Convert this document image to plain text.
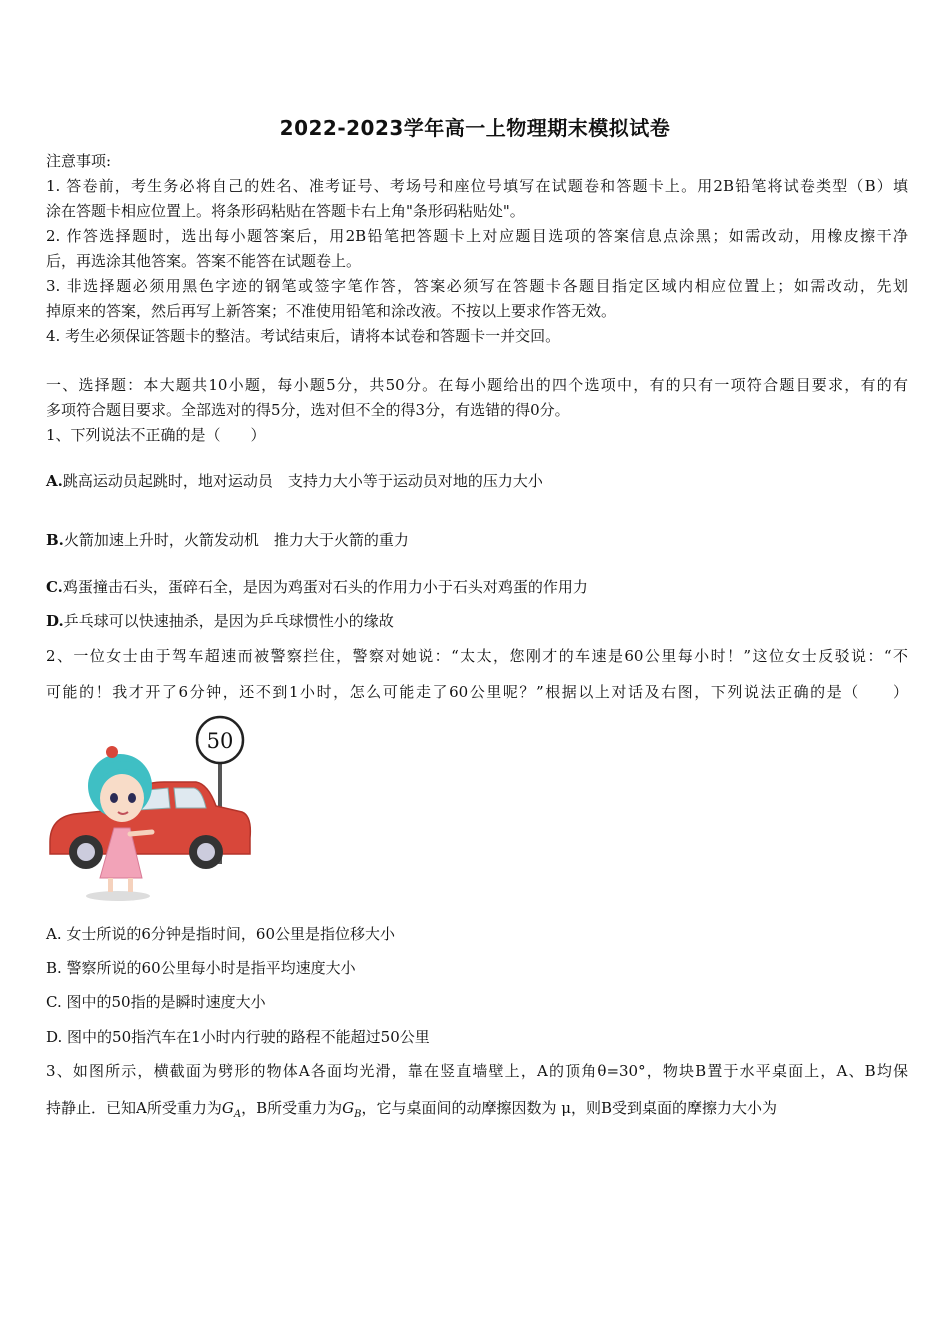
2022-2023学年高一上物理期末模拟试卷
注意事项:
1. 答卷前，考生务必将自己的姓名、准考证号、考场号和座位号填写在试题卷和答题卡上。用2B铅笔将试卷类型（B）填
涂在答题卡相应位置上。将条形码粘贴在答题卡右上角"条形码粘贴处"。
2. 作答选择题时，选出每小题答案后，用2B铅笔把答题卡上对应题目选项的答案信息点涂黑；如需改动，用橡皮擦干净
后，再选涂其他答案。答案不能答在试题卷上。
3. 非选择题必须用黑色字迹的钢笔或签字笔作答，答案必须写在答题卡各题目指定区域内相应位置上；如需改动，先划
掉原来的答案，然后再写上新答案；不准使用铅笔和涂改液。不按以上要求作答无效。
4. 考生必须保证答题卡的整洁。考试结束后，请将本试卷和答题卡一并交回。
一、选择题：本大题共10小题，每小题5分，共50分。在每小题给出的四个选项中，有的只有一项符合题目要求，有的有
多项符合题目要求。全部选对的得5分，选对但不全的得3分，有选错的得0分。
1、下列说法不正确的是（　　）
A.跳高运动员起跳时，地对运动员　支持力大小等于运动员对地的压力大小
B.火箭加速上升时，火箭发动机　推力大于火箭的重力
C.鸡蛋撞击石头，蛋碎石全，是因为鸡蛋对石头的作用力小于石头对鸡蛋的作用力
D.乒乓球可以快速抽杀，是因为乒乓球惯性小的缘故
2、一位女士由于驾车超速而被警察拦住，警察对她说：“太太，您刚才的车速是60公里每小时！”这位女士反驳说：“不
可能的！我才开了6分钟，还不到1小时，怎么可能走了60公里呢？”根据以上对话及右图，下列说法正确的是（　　）
50
A. 女士所说的6分钟是指时间，60公里是指位移大小
B. 警察所说的60公里每小时是指平均速度大小
C. 图中的50指的是瞬时速度大小
D. 图中的50指汽车在1小时内行驶的路程不能超过50公里
3、如图所示，横截面为劈形的物体A各面均光滑，靠在竖直墙壁上，A的顶角θ=30°，物块B置于水平桌面上，A、B均保
持静止．已知A所受重力为$G_A$，B所受重力为$G_B$，它与桌面间的动摩擦因数为 μ，则B受到桌面的摩擦力大小为
